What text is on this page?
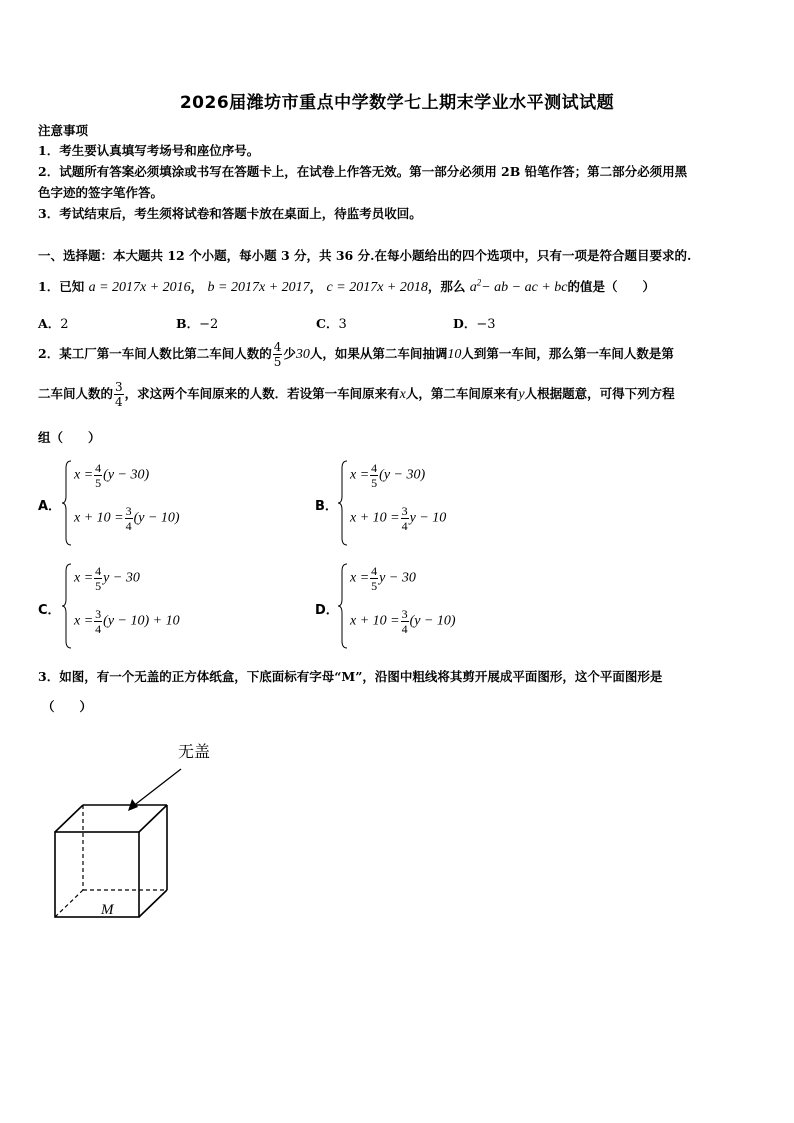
2026届潍坊市重点中学数学七上期末学业水平测试试题
注意事项
1．考生要认真填写考场号和座位序号。
2．试题所有答案必须填涂或书写在答题卡上，在试卷上作答无效。第一部分必须用 2B 铅笔作答；第二部分必须用黑
色字迹的签字笔作答。
3．考试结束后，考生须将试卷和答题卡放在桌面上，待监考员收回。
一、选择题：本大题共 12 个小题，每小题 3 分，共 36 分.在每小题给出的四个选项中，只有一项是符合题目要求的.
1．已知 a = 2017x + 2016， b = 2017x + 2017， c = 2017x + 2018，那么 $a^2-$ ab − ac + bc的值是（　　）
A．2	B．−2	C．3	D．−3
2．某工厂第一车间人数比第二车间人数的 $\frac{4}{5}$ 少30人，如果从第二车间抽调10人到第一车间，那么第一车间人数是第
二车间人数的 $\frac{3}{4}$ ，求这两个车间原来的人数．若设第一车间原来有x人，第二车间原来有y人根据题意，可得下列方程
组（　　）
A．
$x = \frac{4}{5} (y - 30)$
$x + 10 = \frac{3}{4} (y - 10)$
B．
$x = \frac{4}{5} (y - 30)$
$x + 10 = \frac{3}{4}$ y − 10
C．
$x = \frac{4}{5}$ y − 30
$x = \frac{3}{4} (y - 10) + 10$
D．
$x = \frac{4}{5}$ y − 30
$x + 10 = \frac{3}{4} (y - 10)$
3．如图，有一个无盖的正方体纸盒，下底面标有字母“M”，沿图中粗线将其剪开展成平面图形，这个平面图形是
（　　）
无盖
M
